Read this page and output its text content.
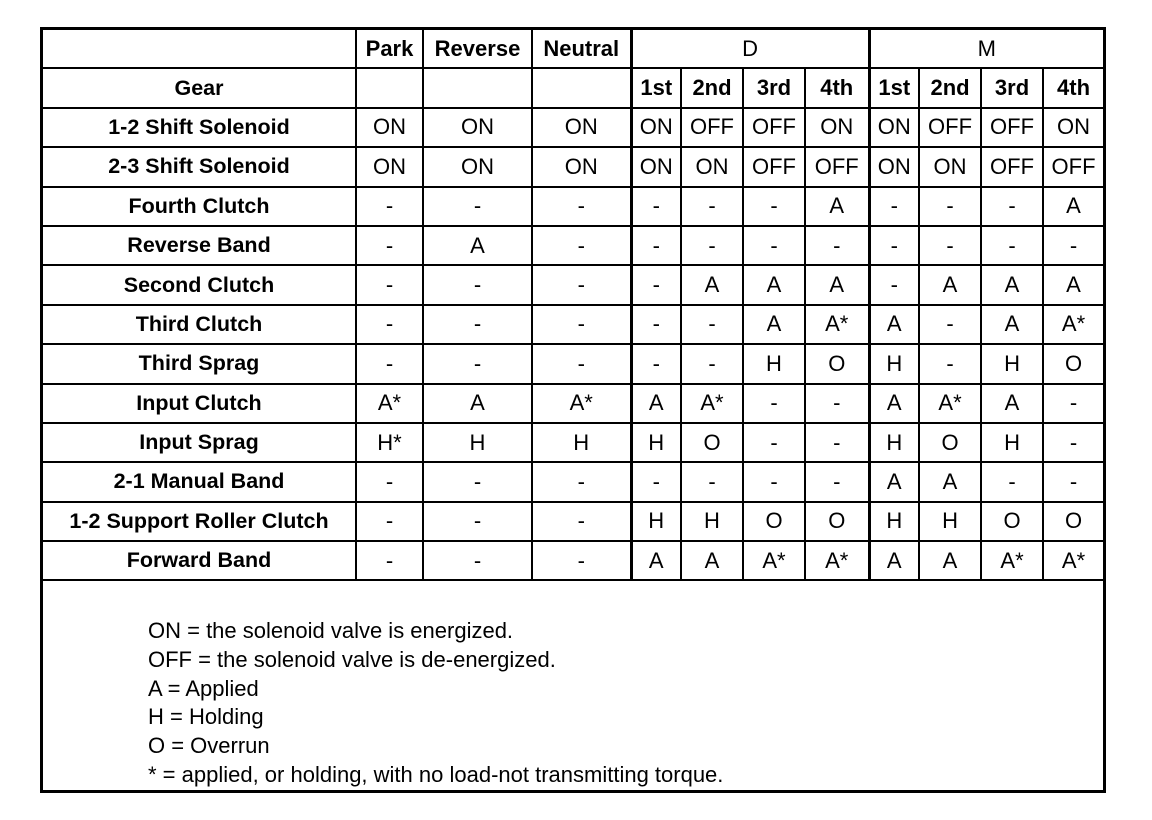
	Park	Reverse	Neutral	D				M			
Gear				1st	2nd	3rd	4th	1st	2nd	3rd	4th
1-2 Shift Solenoid	ON	ON	ON	ON	OFF	OFF	ON	ON	OFF	OFF	ON
2-3 Shift Solenoid	ON	ON	ON	ON	ON	OFF	OFF	ON	ON	OFF	OFF
Fourth Clutch	-	-	-	-	-	-	A	-	-	-	A
Reverse Band	-	A	-	-	-	-	-	-	-	-	-
Second Clutch	-	-	-	-	A	A	A	-	A	A	A
Third Clutch	-	-	-	-	-	A	A*	A	-	A	A*
Third Sprag	-	-	-	-	-	H	O	H	-	H	O
Input Clutch	A*	A	A*	A	A*	-	-	A	A*	A	-
Input Sprag	H*	H	H	H	O	-	-	H	O	H	-
2-1 Manual Band	-	-	-	-	-	-	-	A	A	-	-
1-2 Support Roller Clutch	-	-	-	H	H	O	O	H	H	O	O
Forward Band	-	-	-	A	A	A*	A*	A	A	A*	A*
ON = the solenoid valve is energized.
OFF = the solenoid valve is de-energized.
A = Applied
H = Holding
O = Overrun
* = applied, or holding, with no load-not transmitting torque.
